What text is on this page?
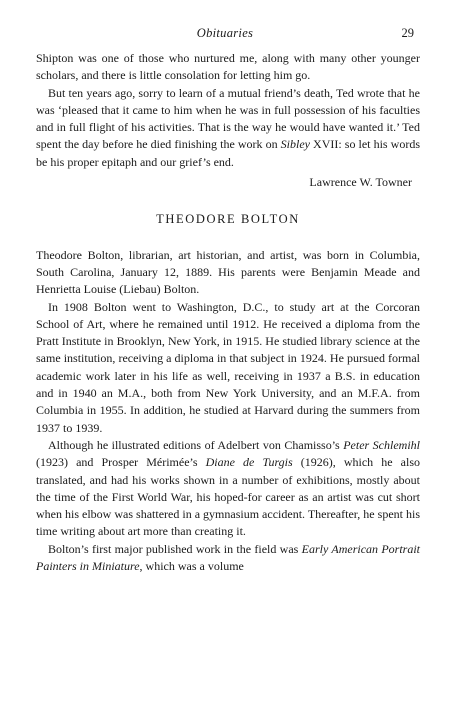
Obituaries	29

Shipton was one of those who nurtured me, along with many other younger scholars, and there is little consolation for letting him go.

But ten years ago, sorry to learn of a mutual friend’s death, Ted wrote that he was ‘pleased that it came to him when he was in full possession of his faculties and in full flight of his activities. That is the way he would have wanted it.’ Ted spent the day before he died finishing the work on Sibley XVII: so let his words be his proper epitaph and our grief’s end.

Lawrence W. Towner
THEODORE BOLTON

Theodore Bolton, librarian, art historian, and artist, was born in Columbia, South Carolina, January 12, 1889. His parents were Benjamin Meade and Henrietta Louise (Liebau) Bolton.

In 1908 Bolton went to Washington, D.C., to study art at the Corcoran School of Art, where he remained until 1912. He received a diploma from the Pratt Institute in Brooklyn, New York, in 1915. He studied library science at the same institution, receiving a diploma in that subject in 1924. He pursued formal academic work later in his life as well, receiving in 1937 a B.S. in education and in 1940 an M.A., both from New York University, and an M.F.A. from Columbia in 1955. In addition, he studied at Harvard during the summers from 1937 to 1939.

Although he illustrated editions of Adelbert von Chamisso’s Peter Schlemihl (1923) and Prosper Mérimée’s Diane de Turgis (1926), which he also translated, and had his works shown in a number of exhibitions, mostly about the time of the First World War, his hoped-for career as an artist was cut short when his elbow was shattered in a gymnasium accident. Thereafter, he spent his time writing about art more than creating it.

Bolton’s first major published work in the field was Early American Portrait Painters in Miniature, which was a volume
